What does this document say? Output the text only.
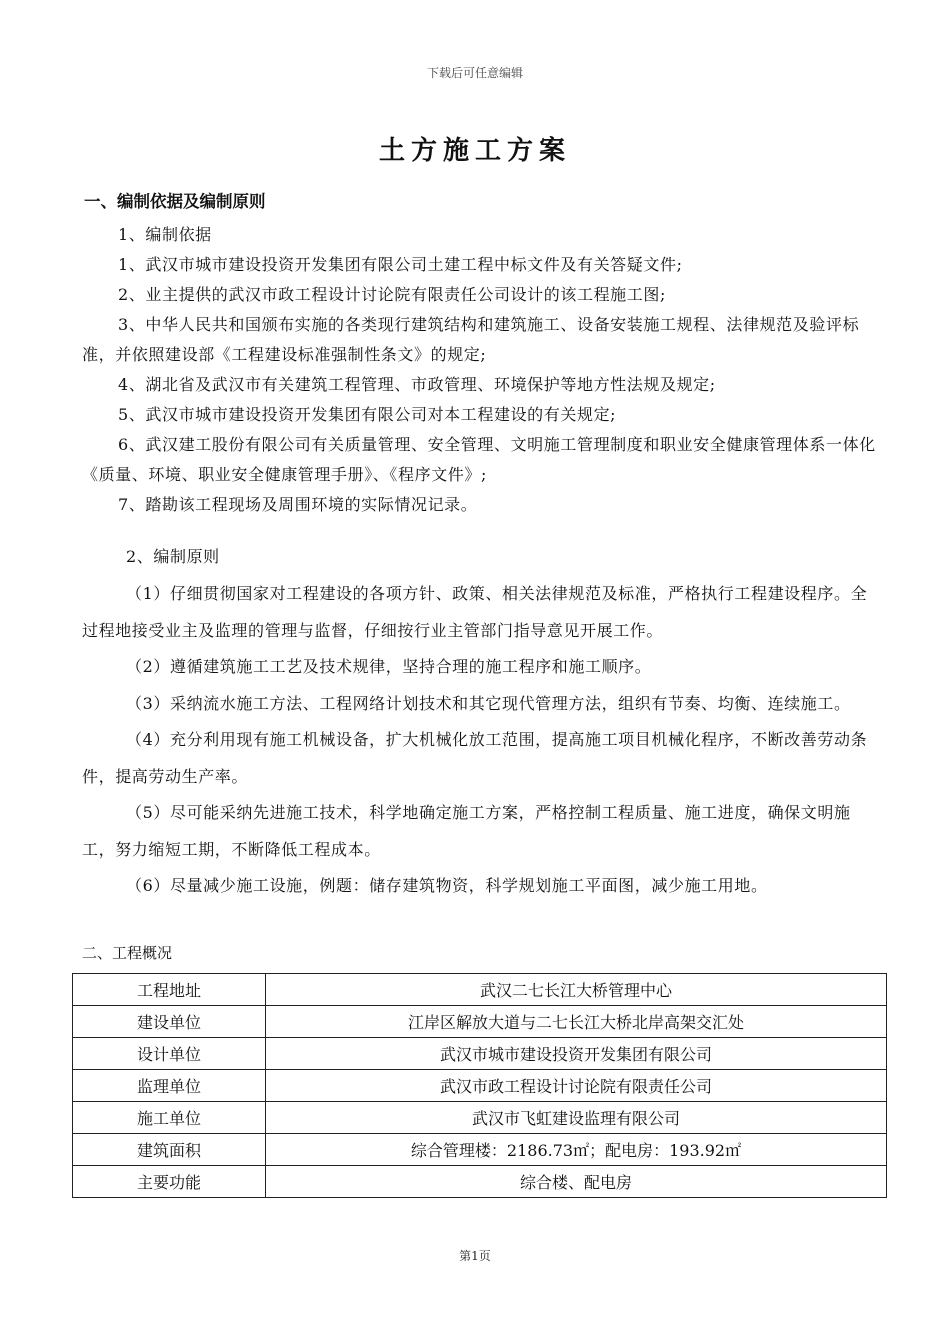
下载后可任意编辑
土方施工方案
一、编制依据及编制原则

1、编制依据

1、武汉市城市建设投资开发集团有限公司土建工程中标文件及有关答疑文件;

2、业主提供的武汉市政工程设计讨论院有限责任公司设计的该工程施工图;

3、中华人民共和国颁布实施的各类现行建筑结构和建筑施工、设备安装施工规程、法律规范及验评标准，并依照建设部《工程建设标准强制性条文》的规定;

4、湖北省及武汉市有关建筑工程管理、市政管理、环境保护等地方性法规及规定;

5、武汉市城市建设投资开发集团有限公司对本工程建设的有关规定;

6、武汉建工股份有限公司有关质量管理、安全管理、文明施工管理制度和职业安全健康管理体系一体化《质量、环境、职业安全健康管理手册》、《程序文件》;

7、踏勘该工程现场及周围环境的实际情况记录。

2、编制原则

（1）仔细贯彻国家对工程建设的各项方针、政策、相关法律规范及标准，严格执行工程建设程序。全过程地接受业主及监理的管理与监督，仔细按行业主管部门指导意见开展工作。

（2）遵循建筑施工工艺及技术规律，坚持合理的施工程序和施工顺序。

（3）采纳流水施工方法、工程网络计划技术和其它现代管理方法，组织有节奏、均衡、连续施工。

（4）充分利用现有施工机械设备，扩大机械化放工范围，提高施工项目机械化程序，不断改善劳动条件，提高劳动生产率。

（5）尽可能采纳先进施工技术，科学地确定施工方案，严格控制工程质量、施工进度，确保文明施工，努力缩短工期，不断降低工程成本。

（6）尽量减少施工设施，例题：储存建筑物资，科学规划施工平面图，减少施工用地。

二、工程概况
工程地址	武汉二七长江大桥管理中心
建设单位	江岸区解放大道与二七长江大桥北岸高架交汇处
设计单位	武汉市城市建设投资开发集团有限公司
监理单位	武汉市政工程设计讨论院有限责任公司
施工单位	武汉市飞虹建设监理有限公司
建筑面积	综合管理楼：2186.73㎡；配电房：193.92㎡
主要功能	综合楼、配电房
第1页
